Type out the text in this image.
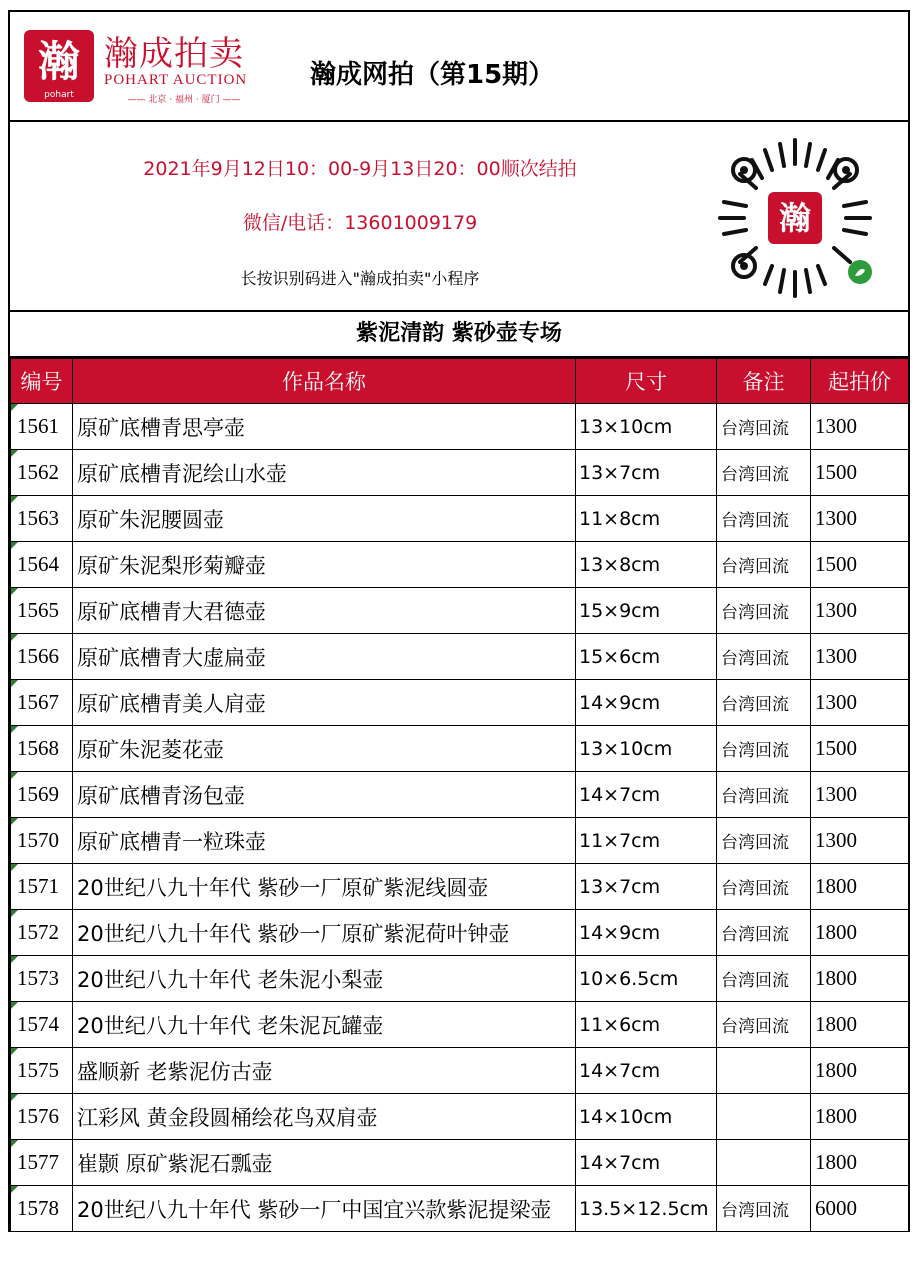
瀚
pohart
瀚成拍卖
POHART AUCTION
—— 北京 · 福州 · 厦门 ——
瀚成网拍（第15期）
2021年9月12日10：00-9月13日20：00顺次结拍
微信/电话：13601009179
长按识别码进入"瀚成拍卖"小程序
瀚
紫泥清韵 紫砂壶专场
编号	作品名称	尺寸	备注	起拍价
1561	原矿底槽青思亭壶	13×10cm	台湾回流	1300
1562	原矿底槽青泥绘山水壶	13×7cm	台湾回流	1500
1563	原矿朱泥腰圆壶	11×8cm	台湾回流	1300
1564	原矿朱泥梨形菊瓣壶	13×8cm	台湾回流	1500
1565	原矿底槽青大君德壶	15×9cm	台湾回流	1300
1566	原矿底槽青大虚扁壶	15×6cm	台湾回流	1300
1567	原矿底槽青美人肩壶	14×9cm	台湾回流	1300
1568	原矿朱泥菱花壶	13×10cm	台湾回流	1500
1569	原矿底槽青汤包壶	14×7cm	台湾回流	1300
1570	原矿底槽青一粒珠壶	11×7cm	台湾回流	1300
1571	20世纪八九十年代 紫砂一厂原矿紫泥线圆壶	13×7cm	台湾回流	1800
1572	20世纪八九十年代 紫砂一厂原矿紫泥荷叶钟壶	14×9cm	台湾回流	1800
1573	20世纪八九十年代 老朱泥小梨壶	10×6.5cm	台湾回流	1800
1574	20世纪八九十年代 老朱泥瓦罐壶	11×6cm	台湾回流	1800
1575	盛顺新 老紫泥仿古壶	14×7cm		1800
1576	江彩风 黄金段圆桶绘花鸟双肩壶	14×10cm		1800
1577	崔颢 原矿紫泥石瓢壶	14×7cm		1800
1578	20世纪八九十年代 紫砂一厂中国宜兴款紫泥提梁壶	13.5×12.5cm	台湾回流	6000
